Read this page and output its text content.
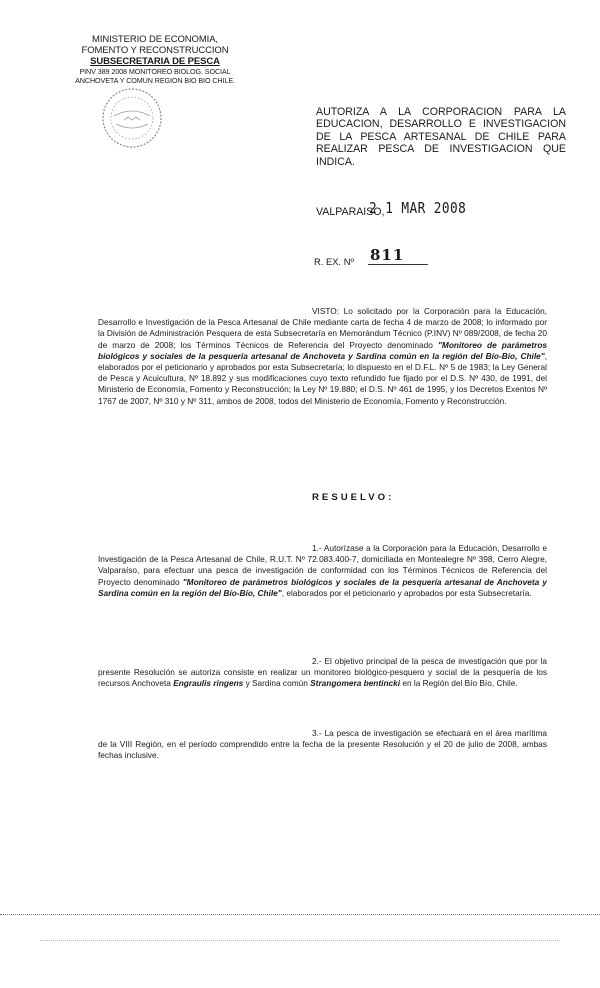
MINISTERIO DE ECONOMIA,
FOMENTO Y RECONSTRUCCION
SUBSECRETARIA DE PESCA
PINV 389 2008 MONITOREO BIOLOG. SOCIAL
ANCHOVETA Y COMUN REGION BIO BIO CHILE.
AUTORIZA A LA CORPORACION PARA LA EDUCACION, DESARROLLO E INVESTIGACION DE LA PESCA ARTESANAL DE CHILE PARA REALIZAR PESCA DE INVESTIGACION QUE INDICA.
VALPARAISO,
2 1 MAR 2008
R. EX. Nº 811
VISTO: Lo solicitado por la Corporación para la Educación, Desarrollo e Investigación de la Pesca Artesanal de Chile mediante carta de fecha 4 de marzo de 2008; lo informado por la División de Administración Pesquera de esta Subsecretaría en Memorándum Técnico (P.INV) Nº 089/2008, de fecha 20 de marzo de 2008; los Términos Técnicos de Referencia del Proyecto denominado "Monitoreo de parámetros biológicos y sociales de la pesquería artesanal de Anchoveta y Sardina común en la región del Bío-Bío, Chile", elaborados por el peticionario y aprobados por esta Subsecretaría; lo dispuesto en el D.F.L. Nº 5 de 1983; la Ley General de Pesca y Acuicultura, Nº 18.892 y sus modificaciones cuyo texto refundido fue fijado por el D.S. Nº 430, de 1991, del Ministerio de Economía, Fomento y Reconstrucción; la Ley Nº 19.880; el D.S. Nº 461 de 1995, y los Decretos Exentos Nº 1767 de 2007, Nº 310 y Nº 311, ambos de 2008, todos del Ministerio de Economía, Fomento y Reconstrucción.
RESUELVO:
1.- Autorízase a la Corporación para la Educación, Desarrollo e Investigación de la Pesca Artesanal de Chile, R.U.T. Nº 72.083.400-7, domiciliada en Montealegre Nº 398, Cerro Alegre, Valparaíso, para efectuar una pesca de investigación de conformidad con los Términos Técnicos de Referencia del Proyecto denominado "Monitoreo de parámetros biológicos y sociales de la pesquería artesanal de Anchoveta y Sardina común en la región del Bío-Bío, Chile", elaborados por el peticionario y aprobados por esta Subsecretaría.
2.- El objetivo principal de la pesca de investigación que por la presente Resolución se autoriza consiste en realizar un monitoreo biológico-pesquero y social de la pesquería de los recursos Anchoveta Engraulis ringens y Sardina común Strangomera bentincki en la Región del Bío Bío, Chile.
3.- La pesca de investigación se efectuará en el área marítima de la VIII Región, en el período comprendido entre la fecha de la presente Resolución y el 20 de julio de 2008, ambas fechas inclusive.
